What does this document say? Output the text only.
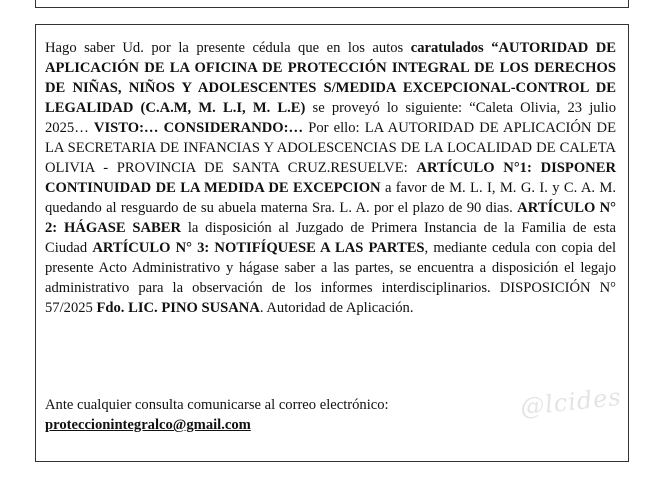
Hago saber Ud. por la presente cédula que en los autos caratulados “AUTORIDAD DE APLICACIÓN DE LA OFICINA DE PROTECCIÓN INTEGRAL DE LOS DERECHOS DE NIÑAS, NIÑOS Y ADOLESCENTES S/MEDIDA EXCEPCIONAL-CONTROL DE LEGALIDAD (C.A.M, M. L.I, M. L.E) se proveyó lo siguiente: “Caleta Olivia, 23 julio 2025… VISTO:… CONSIDERANDO:… Por ello: LA AUTORIDAD DE APLICACIÓN DE LA SECRETARIA DE INFANCIAS Y ADOLESCENCIAS DE LA LOCALIDAD DE CALETA OLIVIA - PROVINCIA DE SANTA CRUZ.RESUELVE: ARTÍCULO N°1: DISPONER CONTINUIDAD DE LA MEDIDA DE EXCEPCION a favor de M. L. I, M. G. I. y C. A. M. quedando al resguardo de su abuela materna Sra. L. A. por el plazo de 90 dias. ARTÍCULO N° 2: HÁGASE SABER la disposición al Juzgado de Primera Instancia de la Familia de esta Ciudad ARTÍCULO N° 3: NOTIFÍQUESE A LAS PARTES, mediante cedula con copia del presente Acto Administrativo y hágase saber a las partes, se encuentra a disposición el legajo administrativo para la observación de los informes interdisciplinarios. DISPOSICIÓN N° 57/2025 Fdo. LIC. PINO SUSANA. Autoridad de Aplicación.

Ante cualquier consulta comunicarse al correo electrónico:

proteccionintegralco@gmail.com

@lcides
